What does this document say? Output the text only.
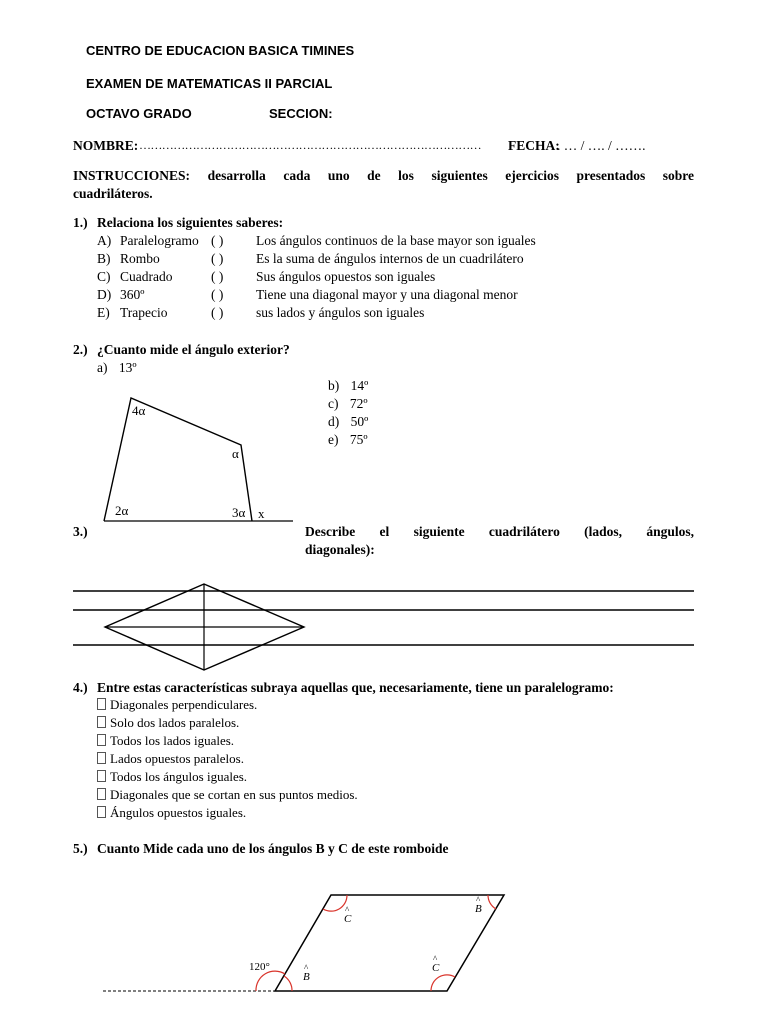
CENTRO DE EDUCACION BASICA TIMINES
EXAMEN DE MATEMATICAS II PARCIAL
OCTAVO GRADO	SECCION:
NOMBRE: ……………………………………………………………………………… FECHA:
. … / …. / …….
INSTRUCCIONES: desarrolla cada uno de los siguientes ejercicios presentados sobre
cuadriláteros.
1.) Relaciona los siguientes saberes:
A) Paralelogramo ( ) Los ángulos continuos de la base mayor son iguales
B) Rombo	( ) Es la suma de ángulos internos de un cuadrilátero
C) Cuadrado	( ) Sus ángulos opuestos son iguales
D) 360º	( ) Tiene una diagonal mayor y una diagonal menor
E) Trapecio	( ) sus lados y ángulos son iguales
2.) ¿Cuanto mide el ángulo exterior?
a) 13º
b) 14º
c) 72º
d) 50º
e) 75º
4α
α
2α	3α x
3.)	Describe el siguiente cuadrilátero (lados, ángulos,
diagonales):
4.) Entre estas características subraya aquellas que, necesariamente, tiene un paralelogramo:
Diagonales perpendiculares.
Solo dos lados paralelos.
Todos los lados iguales.
Lados opuestos paralelos.
Todos los ángulos iguales.
Diagonales que se cortan en sus puntos medios.
Ángulos opuestos iguales.
5.) Cuanto Mide cada uno de los ángulos B y C de este romboide
120°
^
C
^
B
^
B
^
C
